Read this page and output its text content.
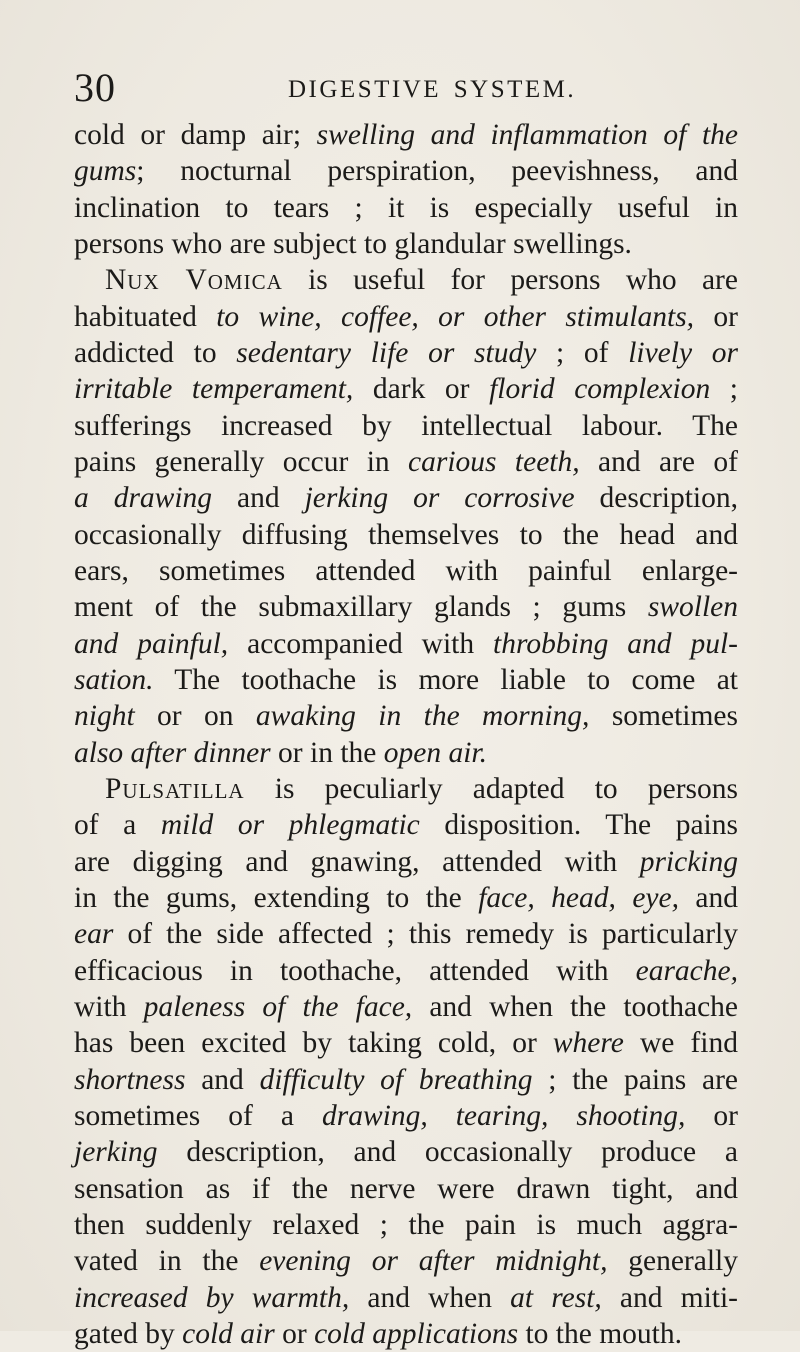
30	DIGESTIVE SYSTEM.
cold or damp air; swelling and inflammation of the
gums; nocturnal perspiration, peevishness, and
inclination to tears ; it is especially useful in
persons who are subject to glandular swellings.
Nux Vomica is useful for persons who are
habituated to wine, coffee, or other stimulants, or
addicted to sedentary life or study ; of lively or
irritable temperament, dark or florid complexion ;
sufferings increased by intellectual labour. The
pains generally occur in carious teeth, and are of
a drawing and jerking or corrosive description,
occasionally diffusing themselves to the head and
ears, sometimes attended with painful enlarge-
ment of the submaxillary glands ; gums swollen
and painful, accompanied with throbbing and pul-
sation. The toothache is more liable to come at
night or on awaking in the morning, sometimes
also after dinner or in the open air.
Pulsatilla is peculiarly adapted to persons
of a mild or phlegmatic disposition. The pains
are digging and gnawing, attended with pricking
in the gums, extending to the face, head, eye, and
ear of the side affected ; this remedy is particularly
efficacious in toothache, attended with earache,
with paleness of the face, and when the toothache
has been excited by taking cold, or where we find
shortness and difficulty of breathing ; the pains are
sometimes of a drawing, tearing, shooting, or
jerking description, and occasionally produce a
sensation as if the nerve were drawn tight, and
then suddenly relaxed ; the pain is much aggra-
vated in the evening or after midnight, generally
increased by warmth, and when at rest, and miti-
gated by cold air or cold applications to the mouth.
